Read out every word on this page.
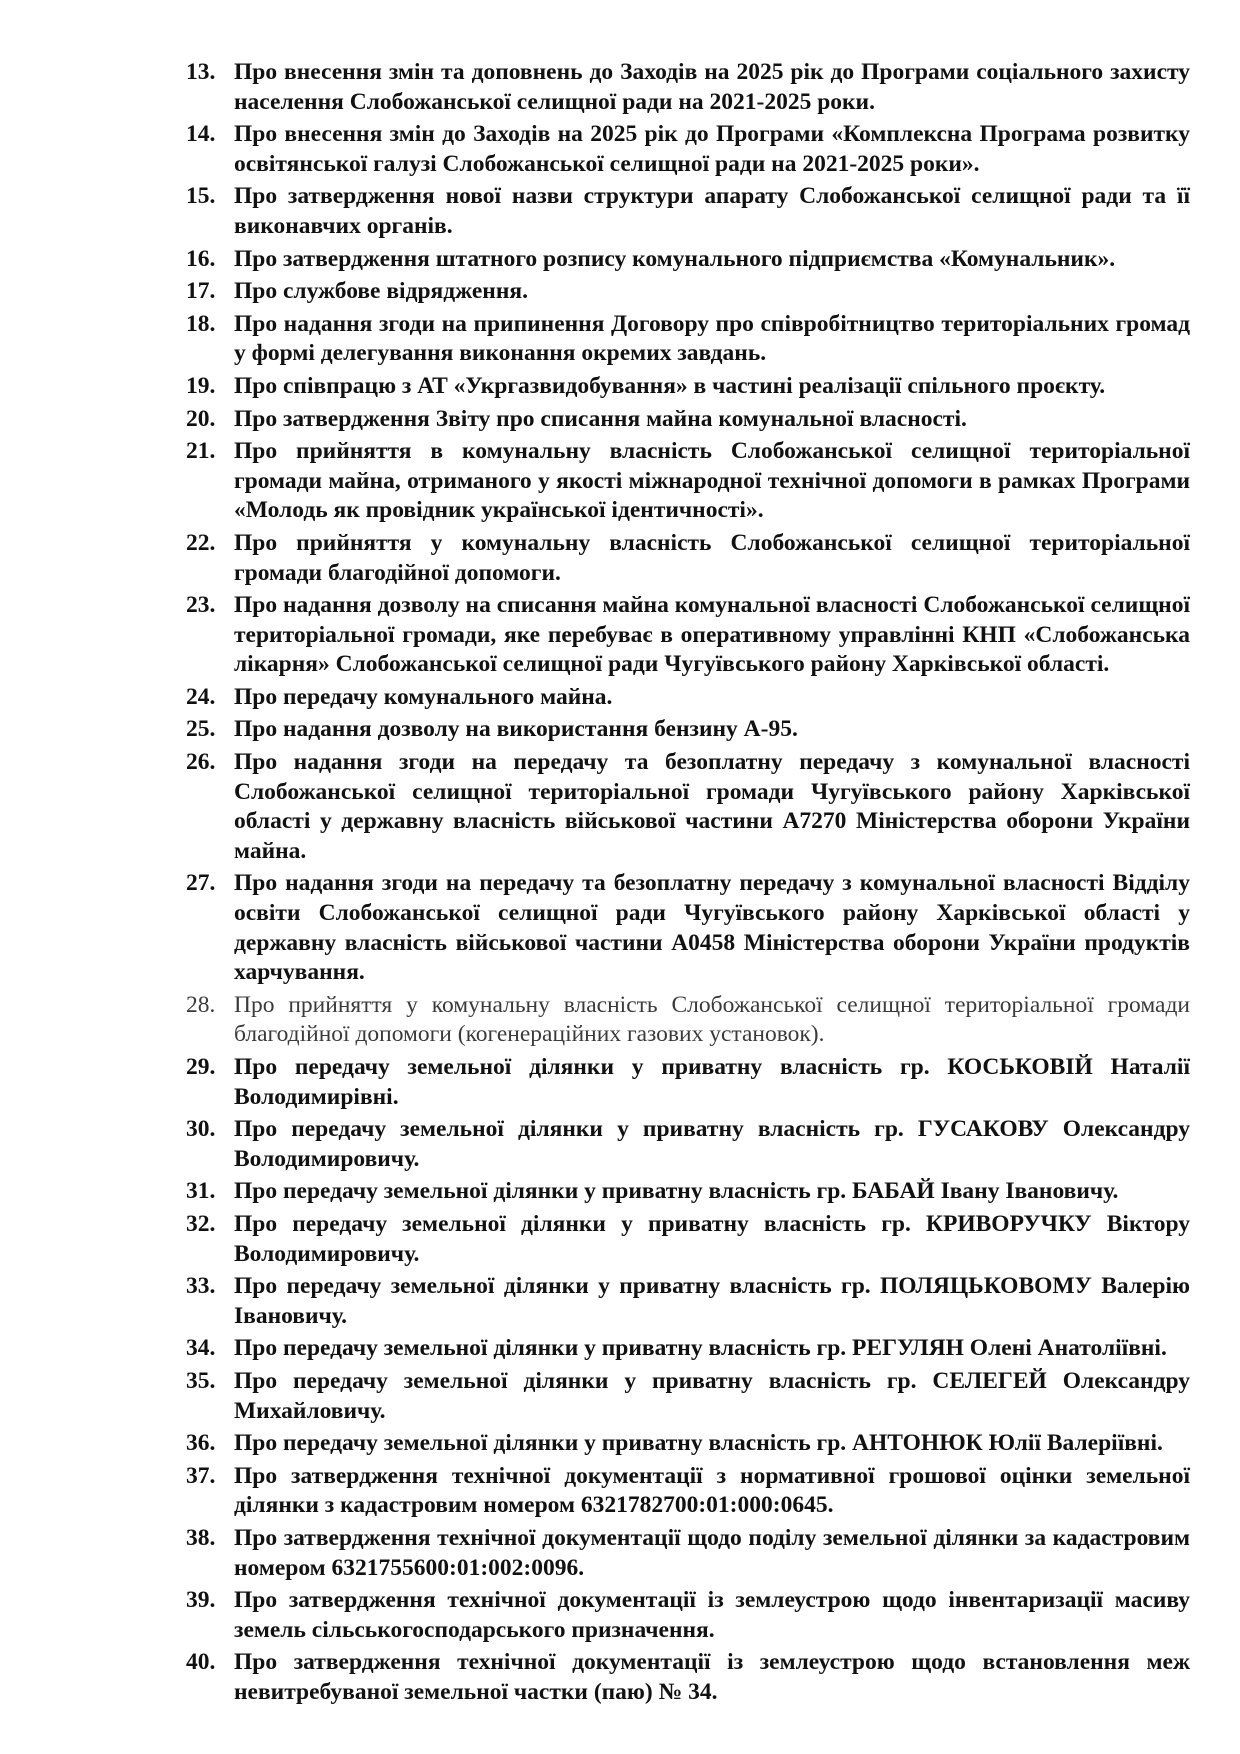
13. Про внесення змін та доповнень до Заходів на 2025 рік до Програми соціального захисту населення Слобожанської селищної ради на 2021-2025 роки.
14. Про внесення змін до Заходів на 2025 рік до Програми «Комплексна Програма розвитку освітянської галузі Слобожанської селищної ради на 2021-2025 роки».
15. Про затвердження нової назви структури апарату Слобожанської селищної ради та її виконавчих органів.
16. Про затвердження штатного розпису комунального підприємства «Комунальник».
17. Про службове відрядження.
18. Про надання згоди на припинення Договору про співробітництво територіальних громад у формі делегування виконання окремих завдань.
19. Про співпрацю з АТ «Укргазвидобування» в частині реалізації спільного проєкту.
20. Про затвердження Звіту про списання майна комунальної власності.
21. Про прийняття в комунальну власність Слобожанської селищної територіальної громади майна, отриманого у якості міжнародної технічної допомоги в рамках Програми «Молодь як провідник української ідентичності».
22. Про прийняття у комунальну власність Слобожанської селищної територіальної громади благодійної допомоги.
23. Про надання дозволу на списання майна комунальної власності Слобожанської селищної територіальної громади, яке перебуває в оперативному управлінні КНП «Слобожанська лікарня» Слобожанської селищної ради Чугуївського району Харківської області.
24. Про передачу комунального майна.
25. Про надання дозволу на використання бензину А-95.
26. Про надання згоди на передачу та безоплатну передачу з комунальної власності Слобожанської селищної територіальної громади Чугуївського району Харківської області у державну власність військової частини А7270 Міністерства оборони України майна.
27. Про надання згоди на передачу та безоплатну передачу з комунальної власності Відділу освіти Слобожанської селищної ради Чугуївського району Харківської області у державну власність військової частини А0458 Міністерства оборони України продуктів харчування.
28. Про прийняття у комунальну власність Слобожанської селищної територіальної громади благодійної допомоги (когенераційних газових установок).
29. Про передачу земельної ділянки у приватну власність гр. КОСЬКОВІЙ Наталії Володимирівні.
30. Про передачу земельної ділянки у приватну власність гр. ГУСАКОВУ Олександру Володимировичу.
31. Про передачу земельної ділянки у приватну власність гр. БАБАЙ Івану Івановичу.
32. Про передачу земельної ділянки у приватну власність гр. КРИВОРУЧКУ Віктору Володимировичу.
33. Про передачу земельної ділянки у приватну власність гр. ПОЛЯЦЬКОВОМУ Валерію Івановичу.
34. Про передачу земельної ділянки у приватну власність гр. РЕГУЛЯН Олені Анатоліївні.
35. Про передачу земельної ділянки у приватну власність гр. СЕЛЕГЕЙ Олександру Михайловичу.
36. Про передачу земельної ділянки у приватну власність гр. АНТОНЮК Юлії Валеріївні.
37. Про затвердження технічної документації з нормативної грошової оцінки земельної ділянки з кадастровим номером 6321782700:01:000:0645.
38. Про затвердження технічної документації щодо поділу земельної ділянки за кадастровим номером 6321755600:01:002:0096.
39. Про затвердження технічної документації із землеустрою щодо інвентаризації масиву земель сільськогосподарського призначення.
40. Про затвердження технічної документації із землеустрою щодо встановлення меж невитребуваної земельної частки (паю) № 34.
